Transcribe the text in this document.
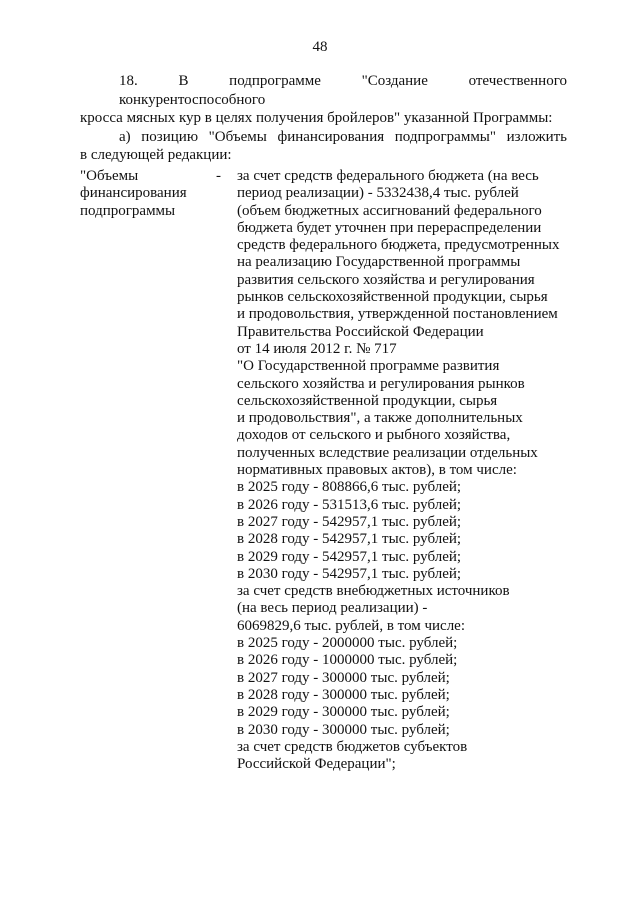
48
18. В подпрограмме "Создание отечественного конкурентоспособного
кросса мясных кур в целях получения бройлеров" указанной Программы:
а) позицию "Объемы финансирования подпрограммы" изложить
в следующей редакции:
"Объемы
финансирования
подпрограммы
- за счет средств федерального бюджета (на весь
период реализации) - 5332438,4 тыс. рублей
(объем бюджетных ассигнований федерального
бюджета будет уточнен при перераспределении
средств федерального бюджета, предусмотренных
на реализацию Государственной программы
развития сельского хозяйства и регулирования
рынков сельскохозяйственной продукции, сырья
и продовольствия, утвержденной постановлением
Правительства Российской Федерации
от 14 июля 2012 г. № 717
"О Государственной программе развития
сельского хозяйства и регулирования рынков
сельскохозяйственной продукции, сырья
и продовольствия", а также дополнительных
доходов от сельского и рыбного хозяйства,
полученных вследствие реализации отдельных
нормативных правовых актов), в том числе:
в 2025 году - 808866,6 тыс. рублей;
в 2026 году - 531513,6 тыс. рублей;
в 2027 году - 542957,1 тыс. рублей;
в 2028 году - 542957,1 тыс. рублей;
в 2029 году - 542957,1 тыс. рублей;
в 2030 году - 542957,1 тыс. рублей;
за счет средств внебюджетных источников
(на весь период реализации) -
6069829,6 тыс. рублей, в том числе:
в 2025 году - 2000000 тыс. рублей;
в 2026 году - 1000000 тыс. рублей;
в 2027 году - 300000 тыс. рублей;
в 2028 году - 300000 тыс. рублей;
в 2029 году - 300000 тыс. рублей;
в 2030 году - 300000 тыс. рублей;
за счет средств бюджетов субъектов
Российской Федерации";
